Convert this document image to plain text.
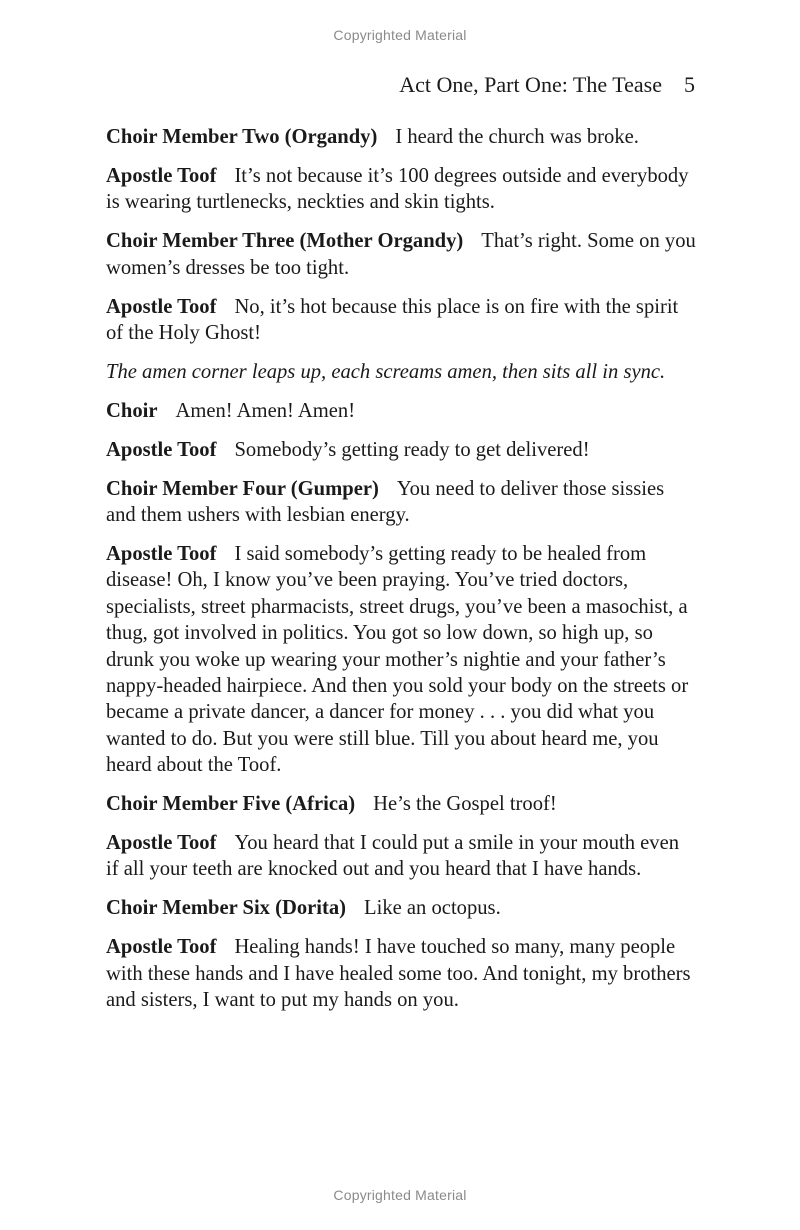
Copyrighted Material
Act One, Part One: The Tease 5

Choir Member Two (Organdy) I heard the church was broke.

Apostle Toof It’s not because it’s 100 degrees outside and everybody is wearing turtlenecks, neckties and skin tights.

Choir Member Three (Mother Organdy) That’s right. Some on you women’s dresses be too tight.

Apostle Toof No, it’s hot because this place is on fire with the spirit of the Holy Ghost!

The amen corner leaps up, each screams amen, then sits all in sync.

Choir Amen! Amen! Amen!

Apostle Toof Somebody’s getting ready to get delivered!

Choir Member Four (Gumper) You need to deliver those sissies and them ushers with lesbian energy.

Apostle Toof I said somebody’s getting ready to be healed from disease! Oh, I know you’ve been praying. You’ve tried doctors, specialists, street pharmacists, street drugs, you’ve been a masochist, a thug, got involved in politics. You got so low down, so high up, so drunk you woke up wearing your mother’s nightie and your father’s nappy-headed hairpiece. And then you sold your body on the streets or became a private dancer, a dancer for money . . . you did what you wanted to do. But you were still blue. Till you about heard me, you heard about the Toof.

Choir Member Five (Africa) He’s the Gospel troof!

Apostle Toof You heard that I could put a smile in your mouth even if all your teeth are knocked out and you heard that I have hands.

Choir Member Six (Dorita) Like an octopus.

Apostle Toof Healing hands! I have touched so many, many people with these hands and I have healed some too. And tonight, my brothers and sisters, I want to put my hands on you.

Copyrighted Material
